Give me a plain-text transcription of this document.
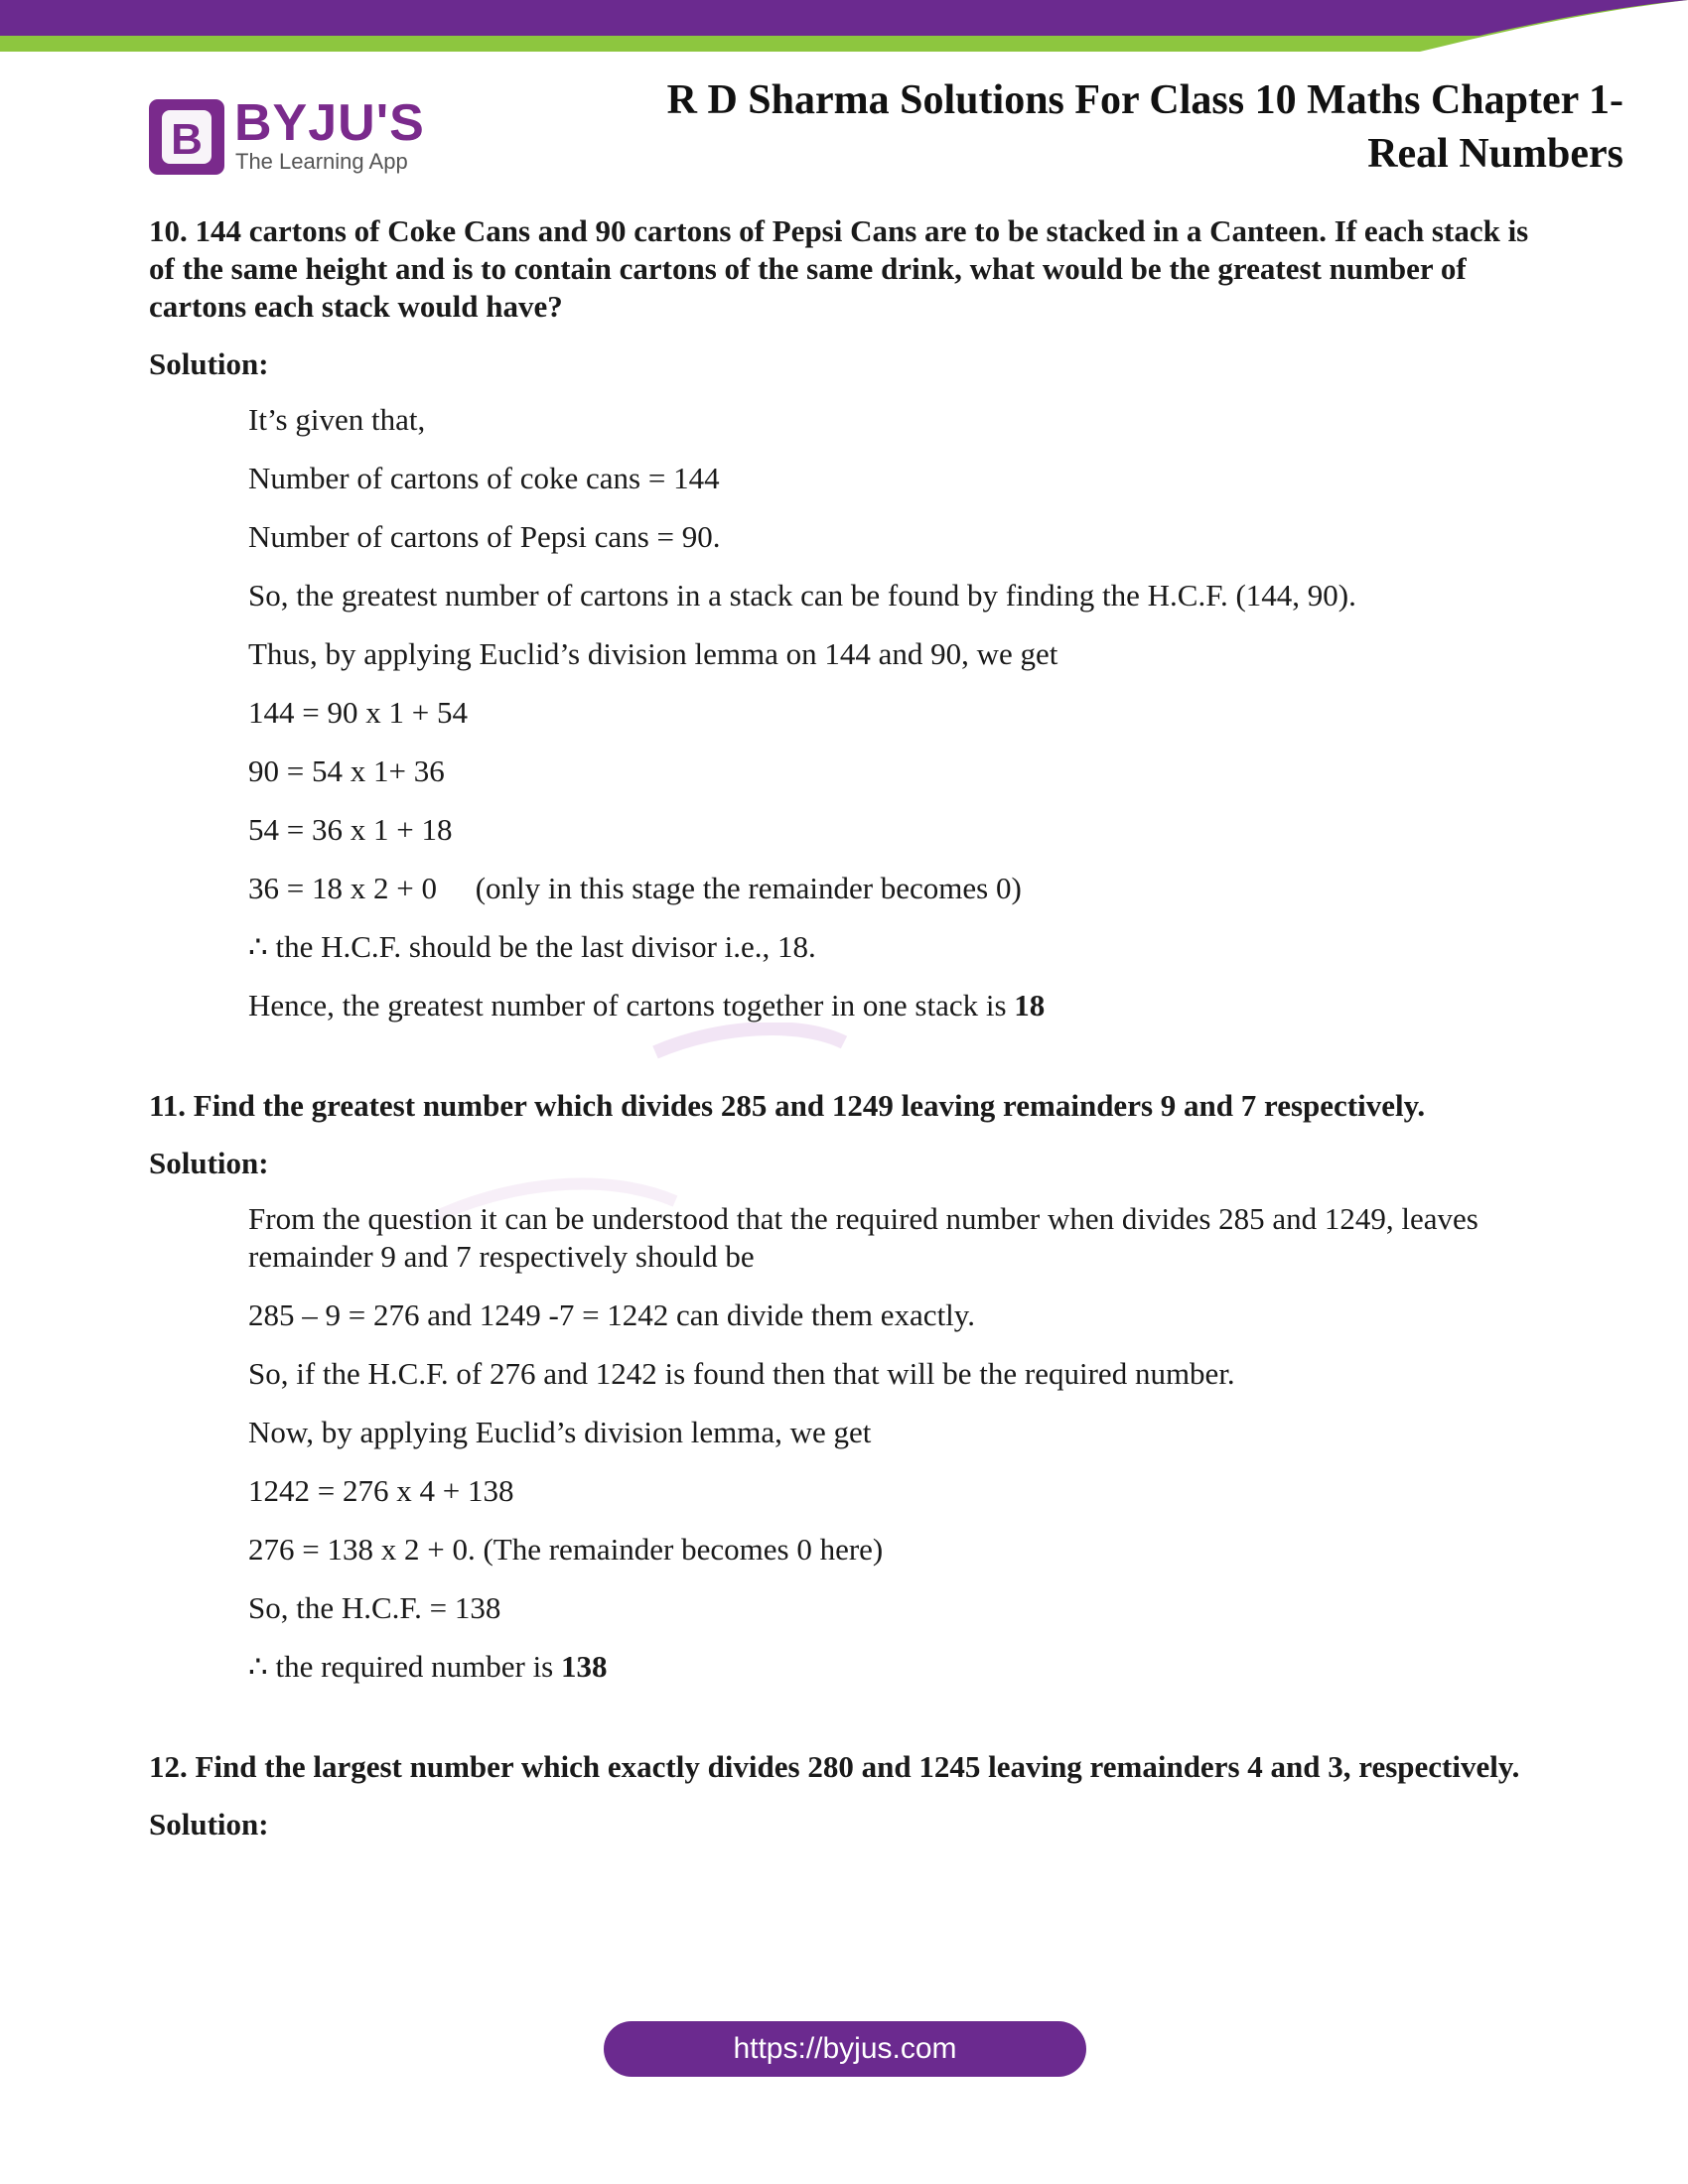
B BYJU'S
The Learning App
R D Sharma Solutions For Class 10 Maths Chapter 1-
Real Numbers

10. 144 cartons of Coke Cans and 90 cartons of Pepsi Cans are to be stacked in a Canteen. If each stack is of the same height and is to contain cartons of the same drink, what would be the greatest number of cartons each stack would have?

Solution:

It’s given that,

Number of cartons of coke cans = 144

Number of cartons of Pepsi cans = 90.

So, the greatest number of cartons in a stack can be found by finding the H.C.F. (144, 90).

Thus, by applying Euclid’s division lemma on 144 and 90, we get

144 = 90 x 1 + 54

90 = 54 x 1+ 36

54 = 36 x 1 + 18

36 = 18 x 2 + 0     (only in this stage the remainder becomes 0)

∴ the H.C.F. should be the last divisor i.e., 18.

Hence, the greatest number of cartons together in one stack is 18

11. Find the greatest number which divides 285 and 1249 leaving remainders 9 and 7 respectively.

Solution:

From the question it can be understood that the required number when divides 285 and 1249, leaves remainder 9 and 7 respectively should be

285 – 9 = 276 and 1249 -7 = 1242 can divide them exactly.

So, if the H.C.F. of 276 and 1242 is found then that will be the required number.

Now, by applying Euclid’s division lemma, we get

1242 = 276 x 4 + 138

276 = 138 x 2 + 0. (The remainder becomes 0 here)

So, the H.C.F. = 138

∴ the required number is 138

12. Find the largest number which exactly divides 280 and 1245 leaving remainders 4 and 3, respectively.

Solution:

https://byjus.com
